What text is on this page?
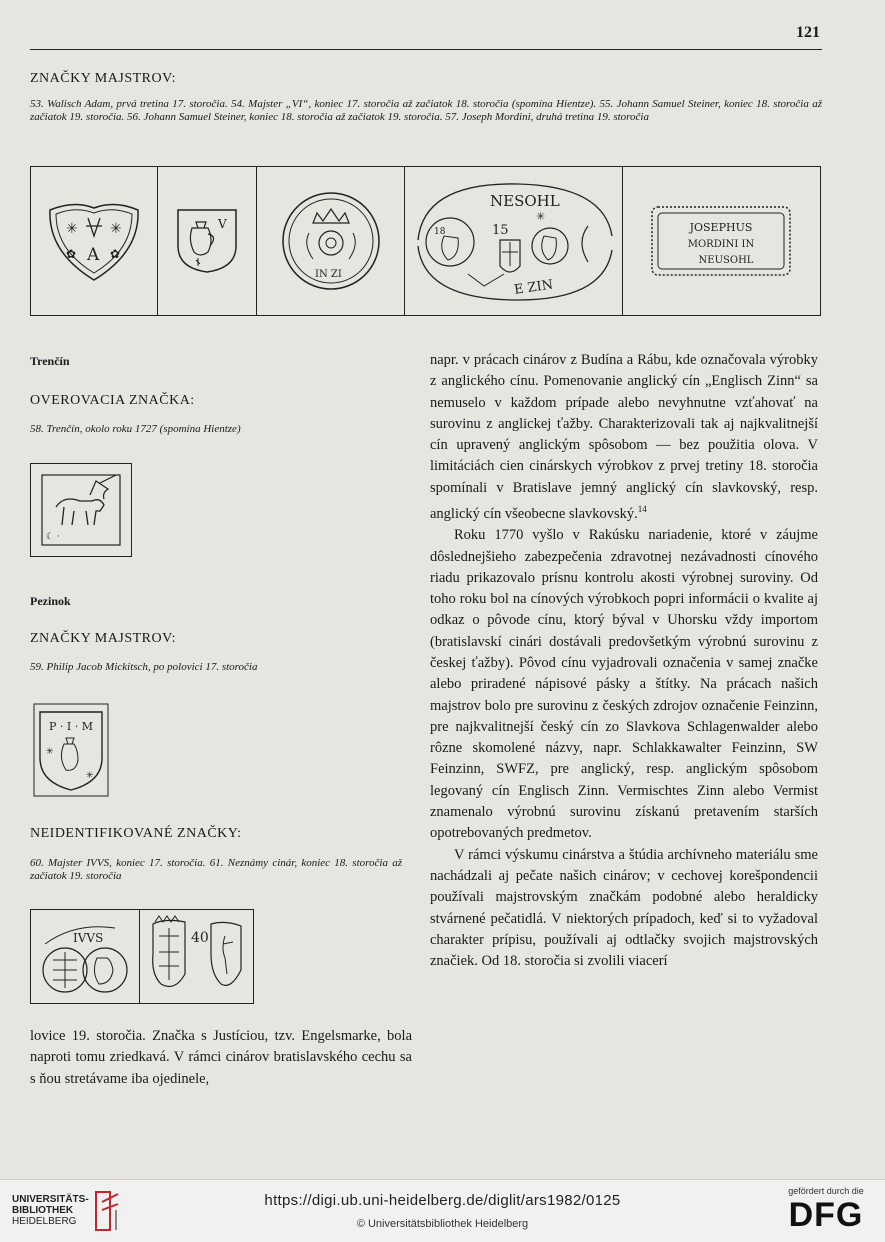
121
ZNAČKY MAJSTROV:
53. Walisch Adam, prvá tretina 17. storočia. 54. Majster „VI“, koniec 17. storočia až začiatok 18. storočia (spomína Hientze). 55. Johann Samuel Steiner, koniec 18. storočia až začiatok 19. storočia. 56. Johann Samuel Steiner, koniec 18. storočia až začiatok 19. storočia. 57. Joseph Mordini, druhá tretina 19. storočia
✳ ✳
✿	✿
A
V
IN ZI
NESOHL
18	15
✳
E ZIN
JOSEPHUS
MORDINI IN
NEUSOHL
Trenčín
OVEROVACIA ZNAČKA:
58. Trenčín, okolo roku 1727 (spomína Hientze)
☾ ·
Pezinok
ZNAČKY MAJSTROV:
59. Philip Jacob Mickitsch, po polovici 17. storočia
P · I · M
✳
✳
NEIDENTIFIKOVANÉ ZNAČKY:
60. Majster IVVS, koniec 17. storočia. 61. Neznámy cinár, koniec 18. storočia až začiatok 19. storočia
IVVS	40

lovice 19. storočia. Značka s Justíciou, tzv. Engelsmarke, bola naproti tomu zriedkavá. V rámci cinárov bratislavského cechu sa s ňou stretávame iba ojedinele,

napr. v prácach cinárov z Budína a Rábu, kde označovala výrobky z anglického cínu. Pomenovanie anglický cín „Englisch Zinn“ sa nemuselo v každom prípade alebo nevyhnutne vzťahovať na surovinu z anglickej ťažby. Charakterizovali tak aj najkvalitnejší cín upravený anglickým spôsobom — bez použitia olova. V limitáciách cien cinárskych výrobkov z prvej tretiny 18. storočia spomínali v Bratislave jemný anglický cín slavkovský, resp. anglický cín všeobecne slavkovský.$^{14}$

Roku 1770 vyšlo v Rakúsku nariadenie, ktoré v záujme dôslednejšieho zabezpečenia zdravotnej nezávadnosti cínového riadu prikazovalo prísnu kontrolu akosti výrobnej suroviny. Od toho roku bol na cínových výrobkoch popri informácii o kvalite aj odkaz o pôvode cínu, ktorý býval v Uhorsku vždy importom (bratislavskí cinári dostávali predovšetkým výrobnú surovinu z českej ťažby). Pôvod cínu vyjadrovali označenia v samej značke alebo priradené nápisové pásky a štítky. Na prácach našich majstrov bolo pre surovinu z českých zdrojov označenie Feinzinn, pre najkvalitnejší český cín zo Slavkova Schlagenwalder alebo rôzne skomolené názvy, napr. Schlakkawalter Feinzinn, SW Feinzinn, SWFZ, pre anglický, resp. anglickým spôsobom legovaný cín Englisch Zinn. Vermischtes Zinn alebo Vermist znamenalo výrobnú surovinu získanú pretavením starších opotrebovaných predmetov.

V rámci výskumu cinárstva a štúdia archívneho materiálu sme nachádzali aj pečate našich cinárov; v cechovej korešpondencii používali majstrovským značkám podobné alebo heraldicky stvárnené pečatidlá. V niektorých prípadoch, keď si to vyžadoval charakter prípisu, používali aj odtlačky svojich majstrovských značiek. Od 18. storočia si zvolili viacerí

UNIVERSITÄTS-
BIBLIOTHEK
HEIDELBERG
https://digi.ub.uni-heidelberg.de/diglit/ars1982/0125
© Universitätsbibliothek Heidelberg
gefördert durch die
DFG
